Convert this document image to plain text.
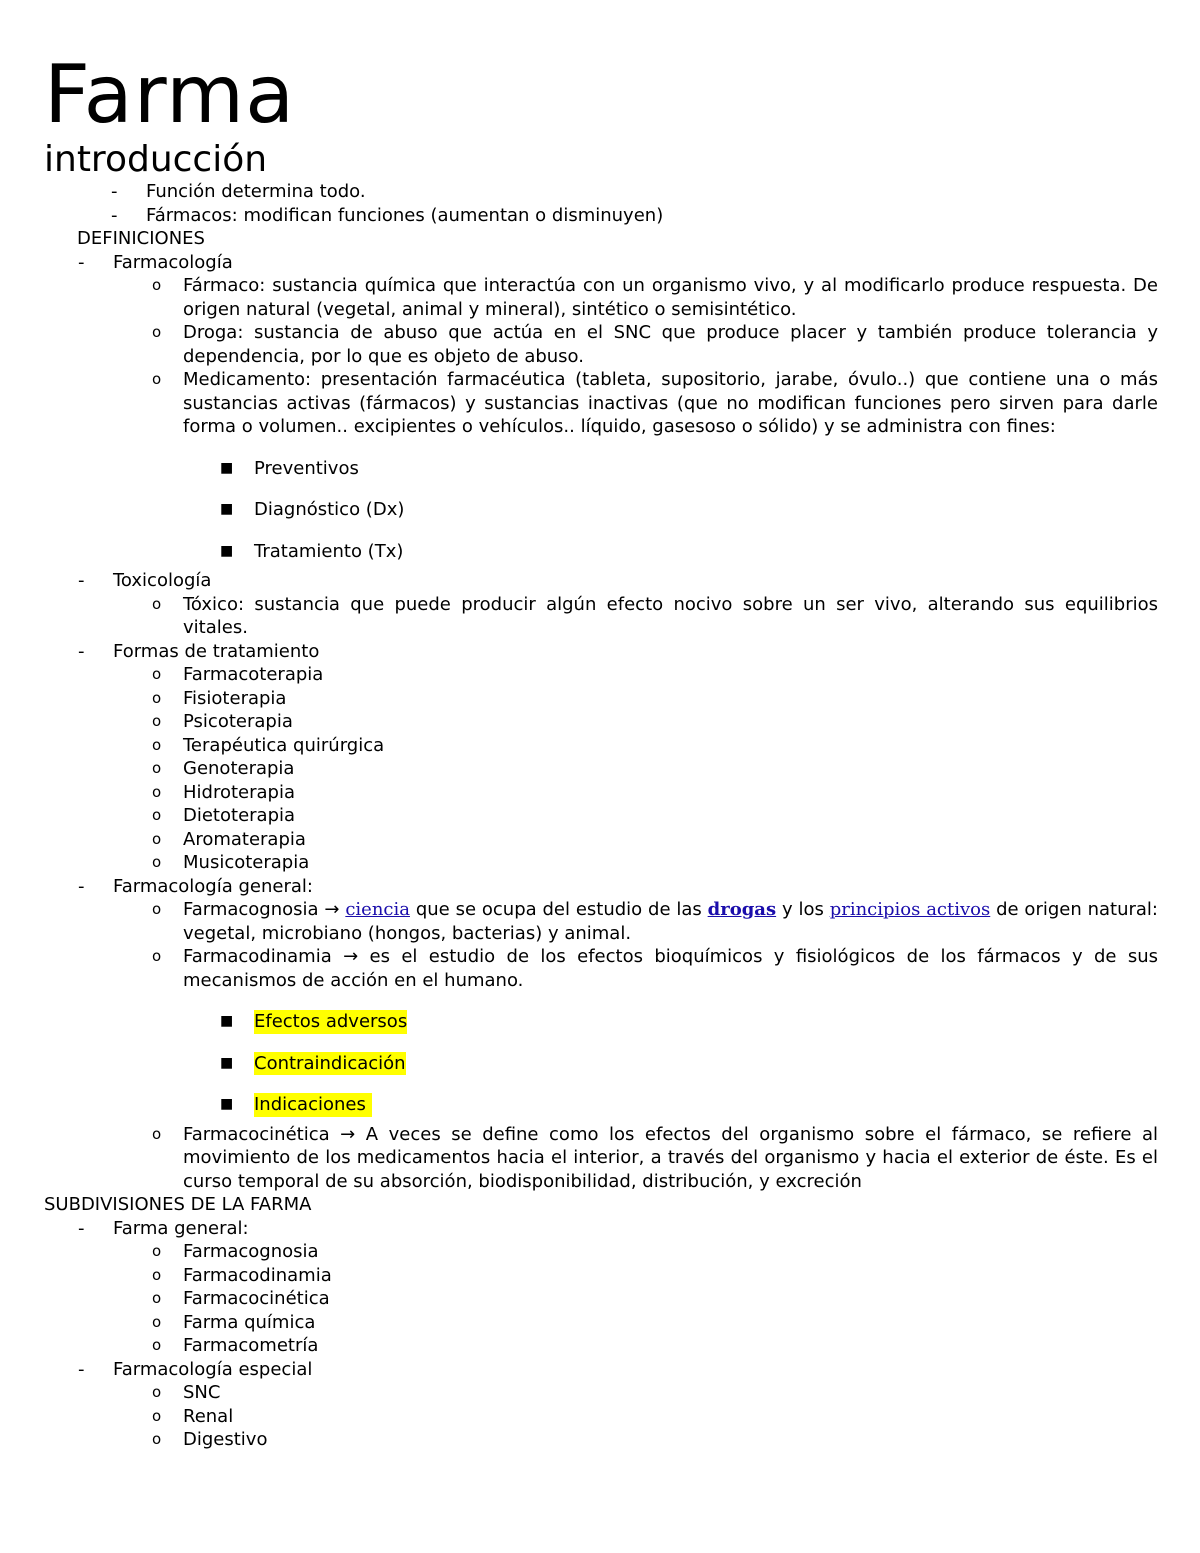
Farma
introducción
-	Función determina todo.
-	Fármacos: modifican funciones (aumentan o disminuyen)
DEFINICIONES
-	Farmacología
o	Fármaco: sustancia química que interactúa con un organismo vivo, y al modificarlo produce respuesta. De origen natural (vegetal, animal y mineral), sintético o semisintético.
o	Droga: sustancia de abuso que actúa en el SNC que produce placer y también produce tolerancia y dependencia, por lo que es objeto de abuso.
o	Medicamento: presentación farmacéutica (tableta, supositorio, jarabe, óvulo..) que contiene una o más sustancias activas (fármacos) y sustancias inactivas (que no modifican funciones pero sirven para darle forma o volumen.. excipientes o vehículos.. líquido, gasesoso o sólido) y se administra con fines:
■	Preventivos
■	Diagnóstico (Dx)
■	Tratamiento (Tx)
-	Toxicología
o	Tóxico: sustancia que puede producir algún efecto nocivo sobre un ser vivo, alterando sus equilibrios vitales.
-	Formas de tratamiento
o	Farmacoterapia
o	Fisioterapia
o	Psicoterapia
o	Terapéutica quirúrgica
o	Genoterapia
o	Hidroterapia
o	Dietoterapia
o	Aromaterapia
o	Musicoterapia
-	Farmacología general:
o	Farmacognosia → ciencia que se ocupa del estudio de las drogas y los principios activos de origen natural: vegetal, microbiano (hongos, bacterias) y animal.
o	Farmacodinamia → es el estudio de los efectos bioquímicos y fisiológicos de los fármacos y de sus mecanismos de acción en el humano.
■	Efectos adversos
■	Contraindicación
■	Indicaciones
o	Farmacocinética → A veces se define como los efectos del organismo sobre el fármaco, se refiere al movimiento de los medicamentos hacia el interior, a través del organismo y hacia el exterior de éste. Es el curso temporal de su absorción, biodisponibilidad, distribución, y excreción
SUBDIVISIONES DE LA FARMA
-	Farma general:
o	Farmacognosia
o	Farmacodinamia
o	Farmacocinética
o	Farma química
o	Farmacometría
-	Farmacología especial
o	SNC
o	Renal
o	Digestivo
